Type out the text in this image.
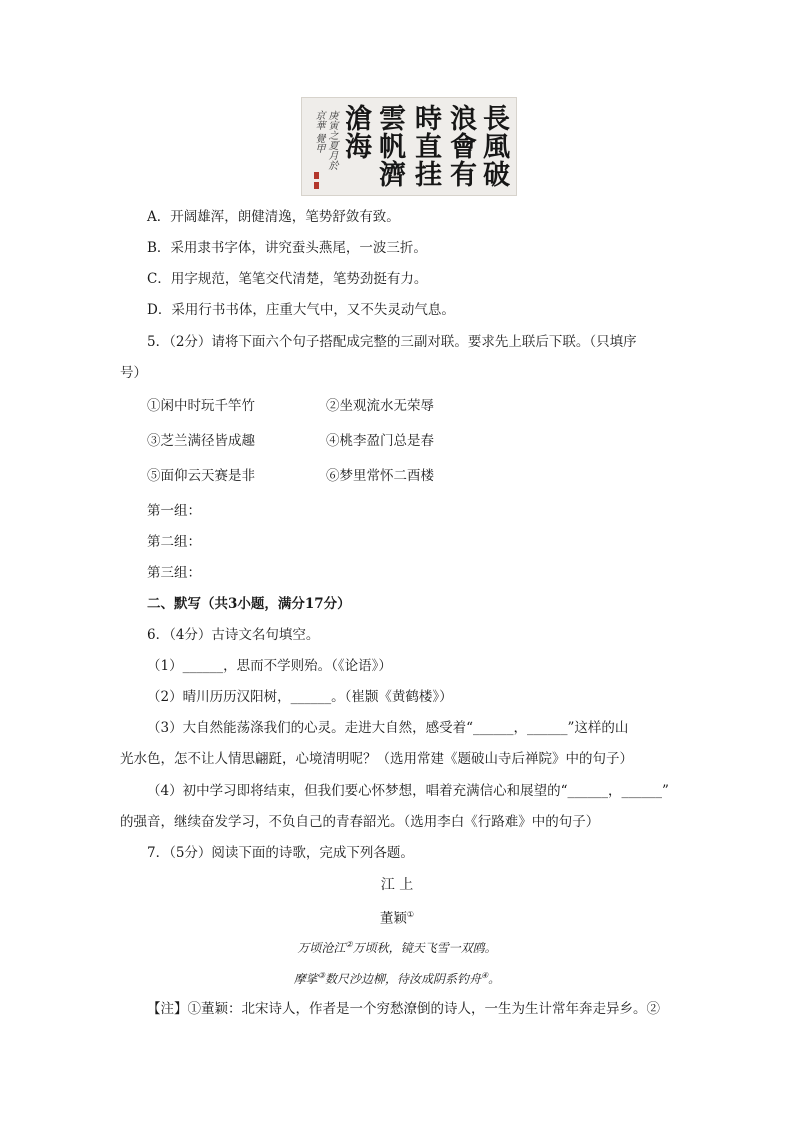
長風破
浪會有
時直挂
雲帆濟
滄海
庚寅之夏月於
京華 覺甲
A．开阔雄浑，朗健清逸，笔势舒敛有致。
B．采用隶书字体，讲究蚕头燕尾，一波三折。
C．用字规范，笔笔交代清楚，笔势劲挺有力。
D．采用行书书体，庄重大气中，又不失灵动气息。
5．（2分）请将下面六个句子搭配成完整的三副对联。要求先上联后下联。（只填序
号）
①闲中时玩千竿竹	②坐观流水无荣辱
③芝兰满径皆成趣	④桃李盈门总是春
⑤面仰云天赛是非	⑥梦里常怀二酉楼
第一组：
第二组：
第三组：
二、默写（共3小题，满分17分）
6．（4分）古诗文名句填空。
（1）______，思而不学则殆。（《论语》）
（2）晴川历历汉阳树，______。（崔颢《黄鹤楼》）
（3）大自然能荡涤我们的心灵。走进大自然，感受着“______，______”这样的山
光水色，怎不让人情思翩跹，心境清明呢？（选用常建《题破山寺后禅院》中的句子）
（4）初中学习即将结束，但我们要心怀梦想，唱着充满信心和展望的“______，______”
的强音，继续奋发学习，不负自己的青春韶光。（选用李白《行路难》中的句子）
7．（5分）阅读下面的诗歌，完成下列各题。
江 上
董颖①
万顷沧江②万顷秋，镜天飞雪一双鸥。
摩挲③数尺沙边柳，待汝成阴系钓舟④。
【注】①董颖：北宋诗人，作者是一个穷愁潦倒的诗人，一生为生计常年奔走异乡。②
